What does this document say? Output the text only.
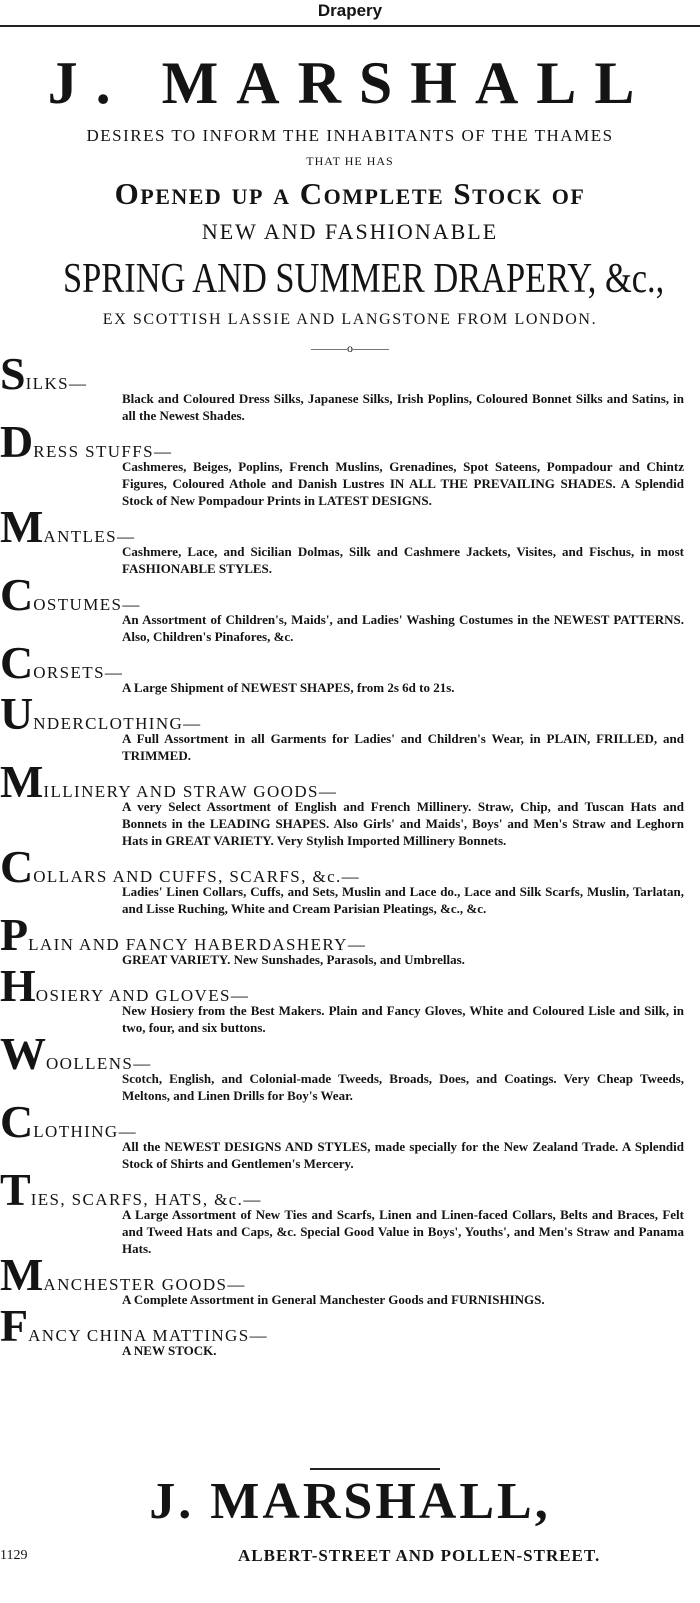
Drapery
J. MARSHALL
DESIRES TO INFORM THE INHABITANTS OF THE THAMES
THAT HE HAS
Opened up a Complete Stock of
NEW AND FASHIONABLE
SPRING AND SUMMER DRAPERY, &c.,
EX SCOTTISH LASSIE AND LANGSTONE FROM LONDON.
———o———
SILKS—
Black and Coloured Dress Silks, Japanese Silks, Irish Poplins, Coloured Bonnet Silks and Satins, in all the Newest Shades.
DRESS STUFFS—
Cashmeres, Beiges, Poplins, French Muslins, Grenadines, Spot Sateens, Pompadour and Chintz Figures, Coloured Athole and Danish Lustres IN ALL THE PREVAILING SHADES. A Splendid Stock of New Pompadour Prints in LATEST DESIGNS.
MANTLES—
Cashmere, Lace, and Sicilian Dolmas, Silk and Cashmere Jackets, Visites, and Fischus, in most FASHIONABLE STYLES.
COSTUMES—
An Assortment of Children's, Maids', and Ladies' Washing Costumes in the NEWEST PATTERNS. Also, Children's Pinafores, &c.
CORSETS—
A Large Shipment of NEWEST SHAPES, from 2s 6d to 21s.
UNDERCLOTHING—
A Full Assortment in all Garments for Ladies' and Children's Wear, in PLAIN, FRILLED, and TRIMMED.
MILLINERY AND STRAW GOODS—
A very Select Assortment of English and French Millinery. Straw, Chip, and Tuscan Hats and Bonnets in the LEADING SHAPES. Also Girls' and Maids', Boys' and Men's Straw and Leghorn Hats in GREAT VARIETY. Very Stylish Imported Millinery Bonnets.
COLLARS AND CUFFS, SCARFS, &c.—
Ladies' Linen Collars, Cuffs, and Sets, Muslin and Lace do., Lace and Silk Scarfs, Muslin, Tarlatan, and Lisse Ruching, White and Cream Parisian Pleatings, &c., &c.
PLAIN AND FANCY HABERDASHERY—
GREAT VARIETY. New Sunshades, Parasols, and Umbrellas.
HOSIERY AND GLOVES—
New Hosiery from the Best Makers. Plain and Fancy Gloves, White and Coloured Lisle and Silk, in two, four, and six buttons.
WOOLLENS—
Scotch, English, and Colonial-made Tweeds, Broads, Does, and Coatings. Very Cheap Tweeds, Meltons, and Linen Drills for Boy's Wear.
CLOTHING—
All the NEWEST DESIGNS AND STYLES, made specially for the New Zealand Trade. A Splendid Stock of Shirts and Gentlemen's Mercery.
TIES, SCARFS, HATS, &c.—
A Large Assortment of New Ties and Scarfs, Linen and Linen-faced Collars, Belts and Braces, Felt and Tweed Hats and Caps, &c. Special Good Value in Boys', Youths', and Men's Straw and Panama Hats.
MANCHESTER GOODS—
A Complete Assortment in General Manchester Goods and FURNISHINGS.
FANCY CHINA MATTINGS—
A NEW STOCK.
J. MARSHALL,
1129	ALBERT-STREET AND POLLEN-STREET.
